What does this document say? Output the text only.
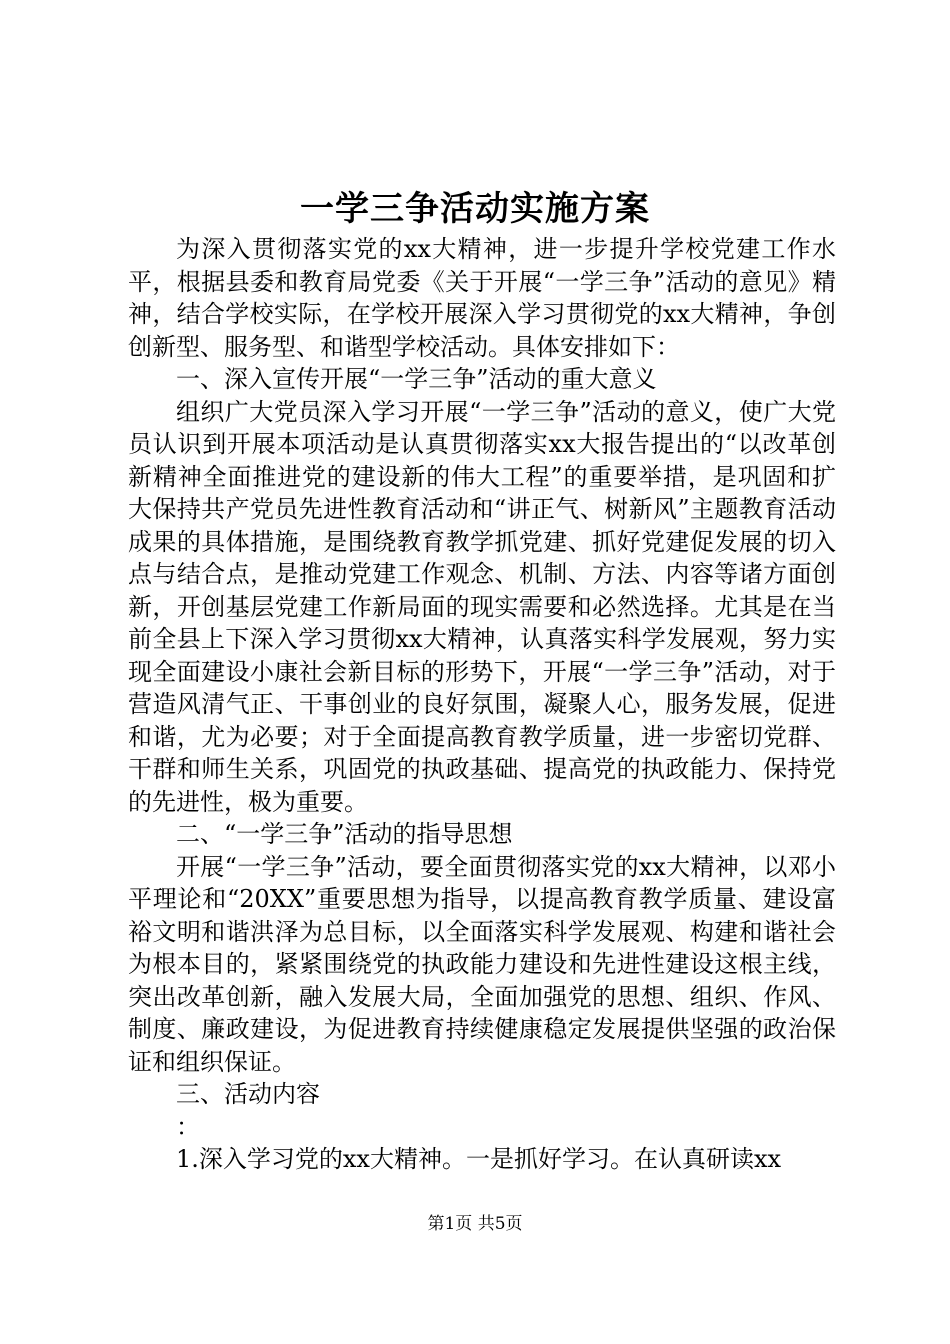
一学三争活动实施方案

为深入贯彻落实党的xx大精神，进一步提升学校党建工作水平，根据县委和教育局党委《关于开展“一学三争”活动的意见》精神，结合学校实际，在学校开展深入学习贯彻党的xx大精神，争创创新型、服务型、和谐型学校活动。具体安排如下：

一、深入宣传开展“一学三争”活动的重大意义

组织广大党员深入学习开展“一学三争”活动的意义，使广大党员认识到开展本项活动是认真贯彻落实xx大报告提出的“以改革创新精神全面推进党的建设新的伟大工程”的重要举措，是巩固和扩大保持共产党员先进性教育活动和“讲正气、树新风”主题教育活动成果的具体措施，是围绕教育教学抓党建、抓好党建促发展的切入点与结合点，是推动党建工作观念、机制、方法、内容等诸方面创新，开创基层党建工作新局面的现实需要和必然选择。尤其是在当前全县上下深入学习贯彻xx大精神，认真落实科学发展观，努力实现全面建设小康社会新目标的形势下，开展“一学三争”活动，对于营造风清气正、干事创业的良好氛围，凝聚人心，服务发展，促进和谐，尤为必要；对于全面提高教育教学质量，进一步密切党群、干群和师生关系，巩固党的执政基础、提高党的执政能力、保持党的先进性，极为重要。

二、“一学三争”活动的指导思想

开展“一学三争”活动，要全面贯彻落实党的xx大精神，以邓小平理论和“20XX”重要思想为指导，以提高教育教学质量、建设富裕文明和谐洪泽为总目标，以全面落实科学发展观、构建和谐社会为根本目的，紧紧围绕党的执政能力建设和先进性建设这根主线，突出改革创新，融入发展大局，全面加强党的思想、组织、作风、制度、廉政建设，为促进教育持续健康稳定发展提供坚强的政治保证和组织保证。

三、活动内容

：

1.深入学习党的xx大精神。一是抓好学习。在认真研读xx

第1页 共5页
